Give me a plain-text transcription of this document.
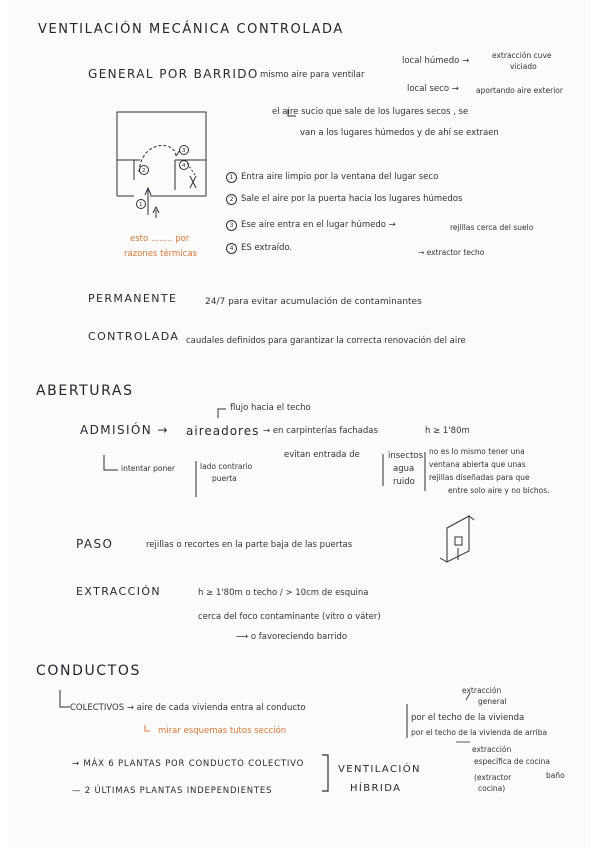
VENTILACIÓN MECÁNICA CONTROLADA
GENERAL POR BARRIDO mismo aire para ventilar
local húmedo →
extracción cuve
viciado
local seco → aportando aire exterior
el aire sucio que sale de los lugares secos , se
van a los lugares húmedos y de ahí se extraen
2
3
4
1
1 Entra aire limpio por la ventana del lugar seco
2 Sale el aire por la puerta hacia los lugares húmedos
3 Ese aire entra en el lugar húmedo →	rejillas cerca del suelo
4 ES extraído.	→ extractor techo
esto ........ por
razones térmicas
PERMANENTE	24/7 para evitar acumulación de contaminantes
CONTROLADA caudales definidos para garantizar la correcta renovación del aire
ABERTURAS
flujo hacia el techo
ADMISIÓN → aireadores → en carpinterías fachadas	h ≥ 1'80m
intentar poner	lado contrario
puerta
evitan entrada de	insectos
agua
ruido
no es lo mismo tener una
ventana abierta que unas
rejillas diseñadas para que
entre solo aire y no bichos.
PASO	rejillas o recortes en la parte baja de las puertas
EXTRACCIÓN	h ≥ 1'80m o techo / > 10cm de esquina
cerca del foco contaminante (vitro o váter)
⟶ o favoreciendo barrido
CONDUCTOS
COLECTIVOS → aire de cada vivienda entra al conducto
mirar esquemas tutos sección
extracción
general
por el techo de la vivienda
por el techo de la vivienda de arriba
extracción
específica de cocina
baño
(extractor
cocina)
→ MÁX 6 PLANTAS POR CONDUCTO COLECTIVO
— 2 ÚLTIMAS PLANTAS INDEPENDIENTES
VENTILACIÓN
HÍBRIDA
